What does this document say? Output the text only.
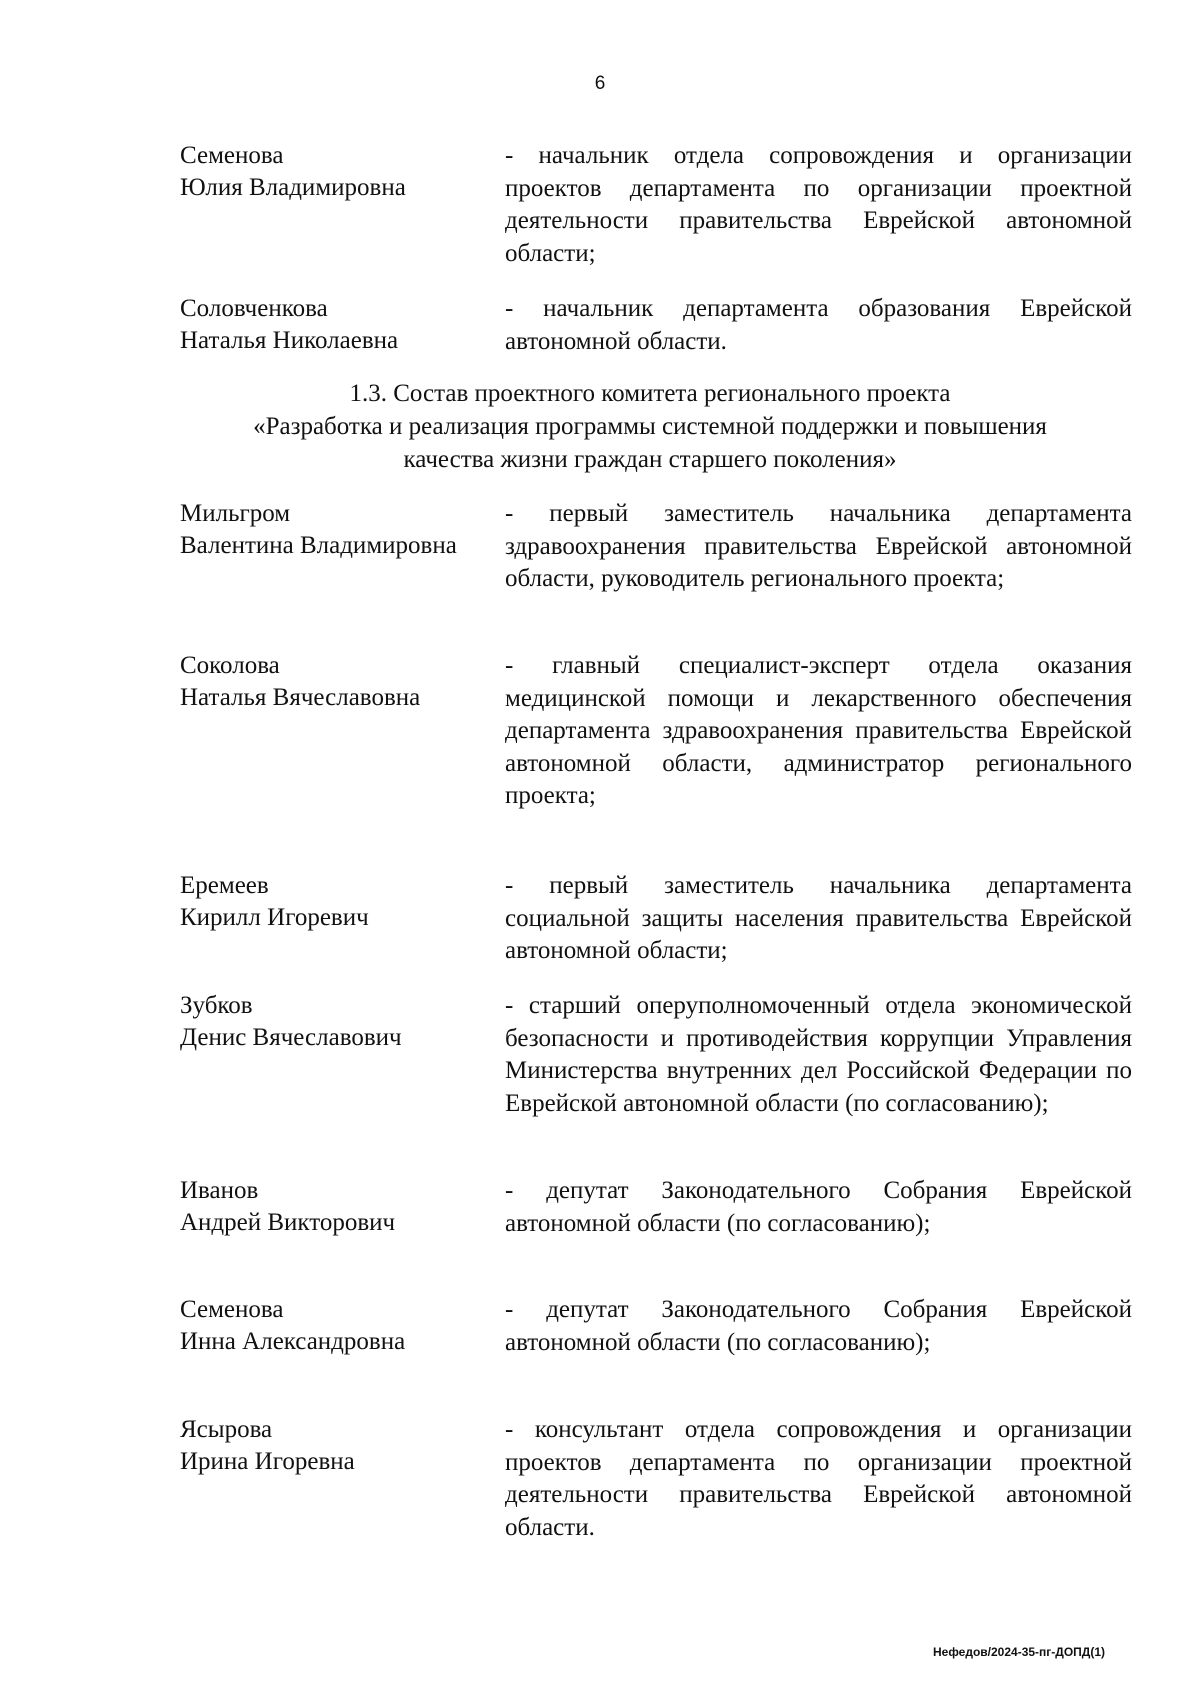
6
Семенова
Юлия Владимировна
- начальник отдела сопровождения и организации проектов департамента по организации проектной деятельности правительства Еврейской автономной области;
Соловченкова
Наталья Николаевна
- начальник департамента образования Еврейской автономной области.
1.3. Состав проектного комитета регионального проекта
«Разработка и реализация программы системной поддержки и повышения
качества жизни граждан старшего поколения»
Мильгром
Валентина Владимировна
- первый заместитель начальника департамента здравоохранения правительства Еврейской автономной области, руководитель регионального проекта;
Соколова
Наталья Вячеславовна
- главный специалист-эксперт отдела оказания медицинской помощи и лекарственного обеспечения департамента здравоохранения правительства Еврейской автономной области, администратор регионального проекта;
Еремеев
Кирилл Игоревич
- первый заместитель начальника департамента социальной защиты населения правительства Еврейской автономной области;
Зубков
Денис Вячеславович
- старший оперуполномоченный отдела экономической безопасности и противодействия коррупции Управления Министерства внутренних дел Российской Федерации по Еврейской автономной области (по согласованию);
Иванов
Андрей Викторович
- депутат Законодательного Собрания Еврейской автономной области (по согласованию);
Семенова
Инна Александровна
- депутат Законодательного Собрания Еврейской автономной области (по согласованию);
Ясырова
Ирина Игоревна
- консультант отдела сопровождения и организации проектов департамента по организации проектной деятельности правительства Еврейской автономной области.
Нефедов/2024-35-пг-ДОПД(1)
